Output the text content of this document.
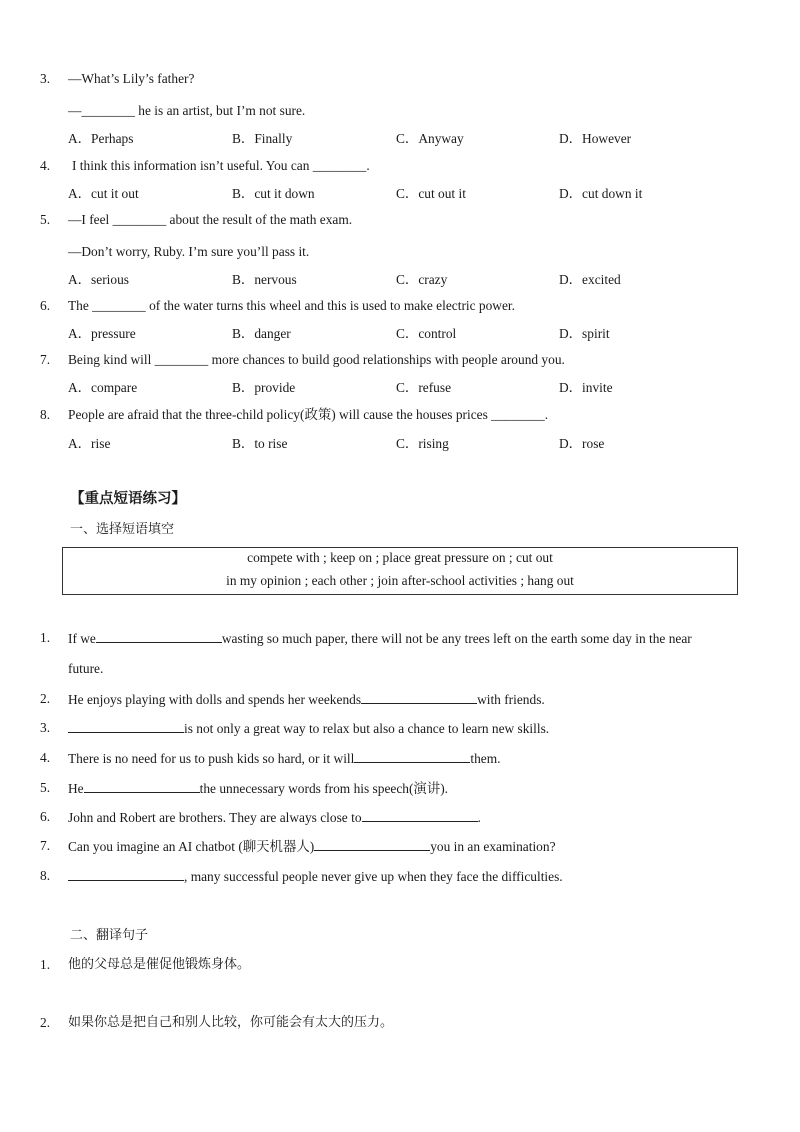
3. —What’s Lily’s father?
—________ he is an artist, but I’m not sure.
A．Perhaps	B．Finally	C．Anyway	D．However
4. I think this information isn’t useful. You can ________.
A．cut it out	B．cut it down	C．cut out it	D．cut down it
5. —I feel ________ about the result of the math exam.
—Don’t worry, Ruby. I’m sure you’ll pass it.
A．serious	B．nervous	C．crazy	D．excited
6. The ________ of the water turns this wheel and this is used to make electric power.
A．pressure	B．danger	C．control	D．spirit
7. Being kind will ________ more chances to build good relationships with people around you.
A．compare	B．provide	C．refuse	D．invite
8. People are afraid that the three-child policy(政策) will cause the houses prices ________.
A．rise	B．to rise	C．rising	D．rose
【重点短语练习】
一、选择短语填空
compete with ; keep on ; place great pressure on ; cut out
in my opinion ; each other ; join after-school activities ; hang out
1. If we	wasting so much paper, there will not be any trees left on the earth some day in the near
future.
2. He enjoys playing with dolls and spends her weekends	with friends.
3.	is not only a great way to relax but also a chance to learn new skills.
4. There is no need for us to push kids so hard, or it will	them.
5. He	the unnecessary words from his speech(演讲).
6. John and Robert are brothers. They are always close to	.
7. Can you imagine an AI chatbot (聊天机器人)	you in an examination?
8.	, many successful people never give up when they face the difficulties.
二、翻译句子
1. 他的父母总是催促他锻炼身体。
2. 如果你总是把自己和别人比较，你可能会有太大的压力。
